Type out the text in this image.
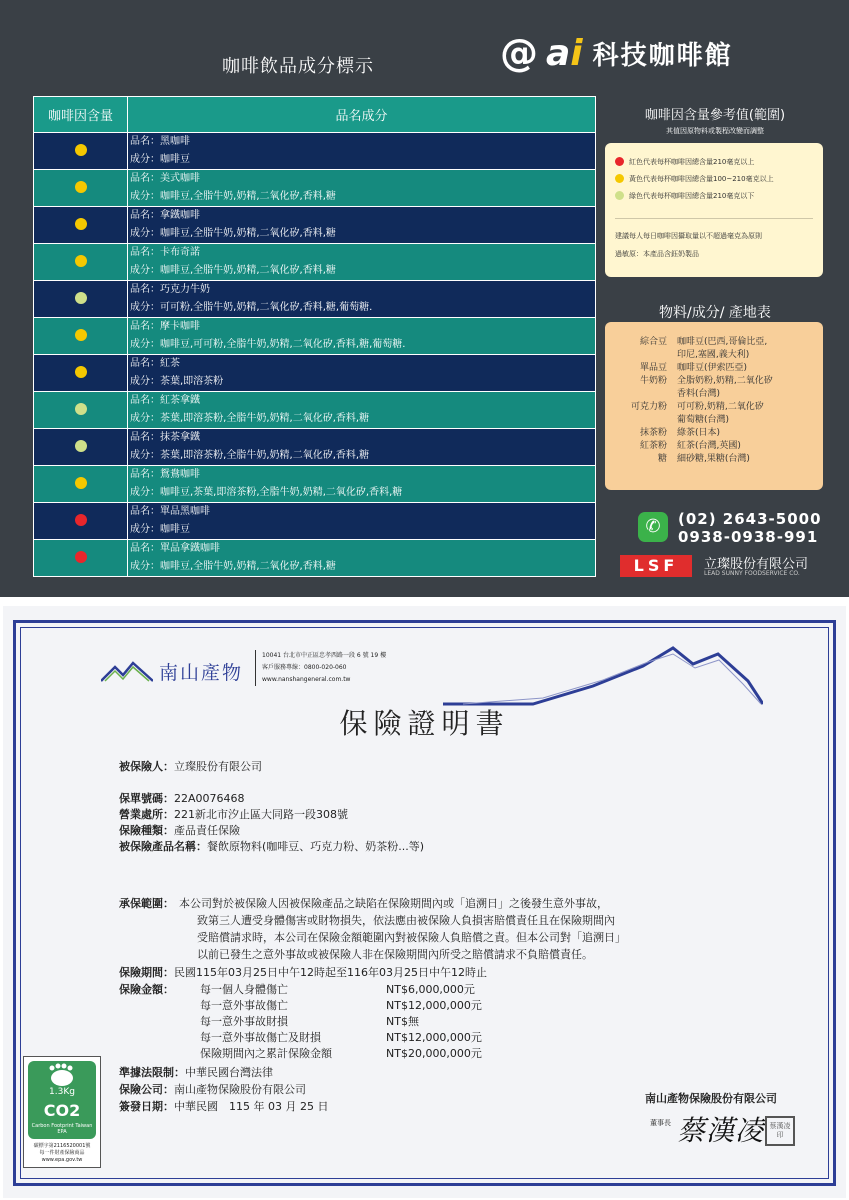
咖啡飲品成分標示	@ ai 科技咖啡館
咖啡因含量	品名成分

	品名：黑咖啡
成分：咖啡豆

	品名：美式咖啡
成分：咖啡豆,全脂牛奶,奶精,二氧化矽,香料,糖

	品名：拿鐵咖啡
成分：咖啡豆,全脂牛奶,奶精,二氧化矽,香料,糖

	品名：卡布奇諾
成分：咖啡豆,全脂牛奶,奶精,二氧化矽,香料,糖

	品名：巧克力牛奶
成分：可可粉,全脂牛奶,奶精,二氧化矽,香料,糖,葡萄糖.

	品名：摩卡咖啡
成分：咖啡豆,可可粉,全脂牛奶,奶精,二氧化矽,香料,糖,葡萄糖.

	品名：紅茶
成分：茶葉,即溶茶粉

	品名：紅茶拿鐵
成分：茶葉,即溶茶粉,全脂牛奶,奶精,二氧化矽,香料,糖

	品名：抹茶拿鐵
成分：茶葉,即溶茶粉,全脂牛奶,奶精,二氧化矽,香料,糖

	品名：鴛鴦咖啡
成分：咖啡豆,茶葉,即溶茶粉,全脂牛奶,奶精,二氧化矽,香料,糖

	品名：單品黑咖啡
成分：咖啡豆

	品名：單品拿鐵咖啡
成分：咖啡豆,全脂牛奶,奶精,二氧化矽,香料,糖
咖啡因含量參考值(範圍)
其值因原物料或製程改變而調整
紅色代表每杯咖啡因總含量210毫克以上
黃色代表每杯咖啡因總含量100~210毫克以上
綠色代表每杯咖啡因總含量210毫克以下
建議每人每日咖啡因攝取量以不超過毫克為原則
過敏原：本產品含鈺奶製品
物料/成分/ 產地表
綜合豆	咖啡豆(巴西,哥倫比亞,
印尼,塞國,義大利)
單品豆	咖啡豆(伊索匹亞)
牛奶粉	全脂奶粉,奶精,二氧化矽
香料(台灣)
可克力粉	可可粉,奶精,二氧化矽
葡萄糖(台灣)
抹茶粉	綠茶(日本)
紅茶粉	紅茶(台灣,英國)
糖	細砂糖,果糖(台灣)
✆	(02) 2643-5000
0938-0938-991
LSF	立璨股份有限公司
LEAD SUNNY FOODSERVICE CO.
南山產物
10041 台北市中正區忠孝西路一段 6 號 19 樓
客戶服務專線：0800-020-060
www.nanshangeneral.com.tw
保險證明書
被保險人：立璨股份有限公司
保單號碼：22A0076468
營業處所：221新北市汐止區大同路一段308號
保險種類：產品責任保險
被保險產品名稱：餐飲原物料(咖啡豆、巧克力粉、奶茶粉...等)
承保範圍： 本公司對於被保險人因被保險產品之缺陷在保險期間內或「追溯日」之後發生意外事故，
致第三人遭受身體傷害或財物損失，依法應由被保險人負損害賠償責任且在保險期間內
受賠償請求時，本公司在保險金額範圍內對被保險人負賠償之責。但本公司對「追溯日」
以前已發生之意外事故或被保險人非在保險期間內所受之賠償請求不負賠償責任。
保險期間：民國115年03月25日中午12時起至116年03月25日中午12時止
保險金額： 每一個人身體傷亡	NT$6,000,000元
每一意外事故傷亡	NT$12,000,000元
每一意外事故財損	NT$無
每一意外事故傷亡及財損	NT$12,000,000元
保險期間內之累計保險金額	NT$20,000,000元
準據法限制：中華民國台灣法律
保險公司：南山產物保險股份有限公司
簽發日期：中華民國　115 年 03 月 25 日
南山產物保險股份有限公司
董事長 蔡漢凌 蔡漢凌印
1.3Kg
CO2
Carbon Footprint Taiwan EPA
碳標字第2116520001號
每一件財產保險商品
www.epa.gov.tw
